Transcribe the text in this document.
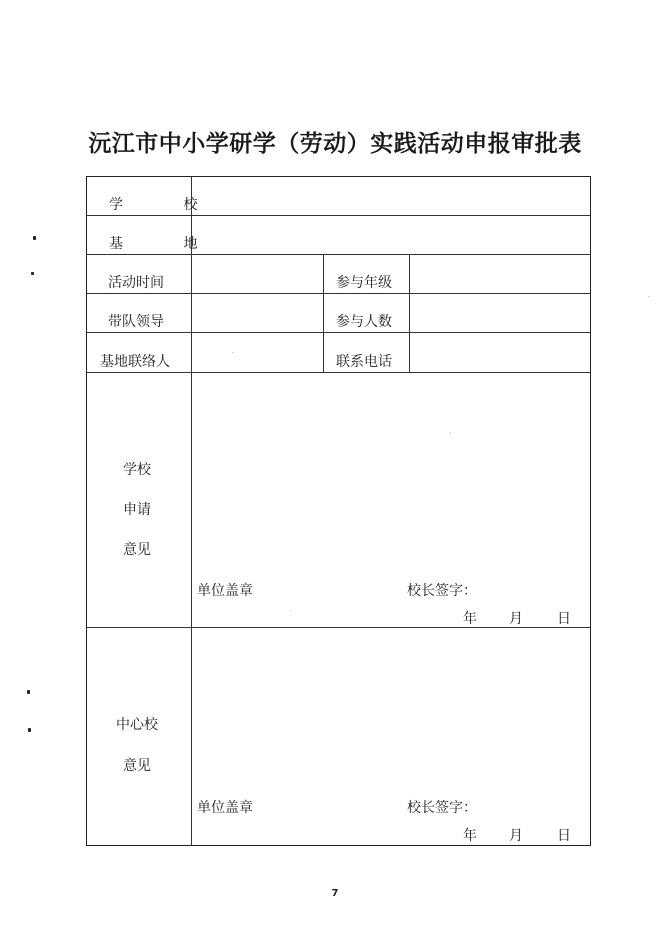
沅江市中小学研学（劳动）实践活动申报审批表
学 校
基 地
活动时间	参与年级
带队领导	参与人数
基地联络人	联系电话
学校
申请
意见
单位盖章	校长签字：
年 月 日
中心校
意见
单位盖章	校长签字：
年 月 日
7
